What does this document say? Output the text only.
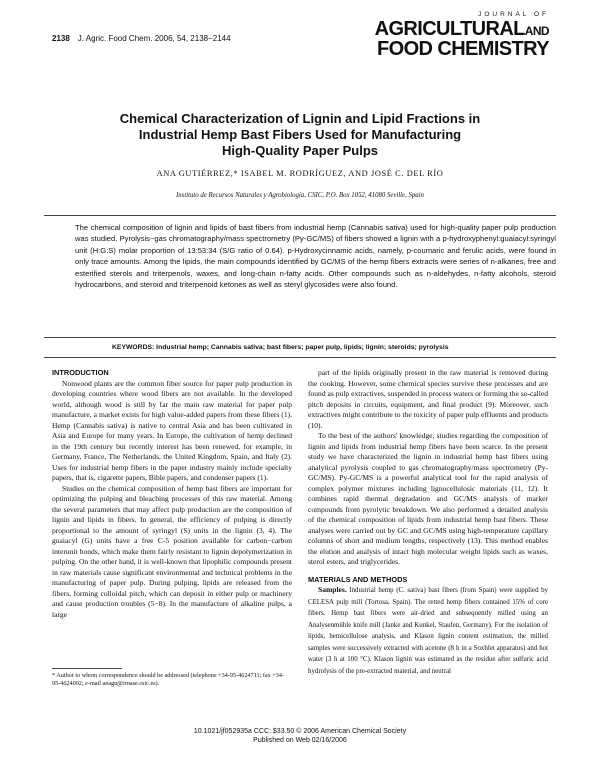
2138 J. Agric. Food Chem. 2006, 54, 2138−2144
JOURNAL OF
AGRICULTURALAND
FOOD CHEMISTRY
Chemical Characterization of Lignin and Lipid Fractions in
Industrial Hemp Bast Fibers Used for Manufacturing
High-Quality Paper Pulps
ANA GUTIÉRREZ,* ISABEL M. RODRÍGUEZ, AND JOSÉ C. DEL RÍO
Instituto de Recursos Naturales y Agrobiología, CSIC, P.O. Box 1052, 41080 Seville, Spain
The chemical composition of lignin and lipids of bast fibers from industrial hemp (Cannabis sativa) used for high-quality paper pulp production was studied. Pyrolysis−gas chromatography/mass spectrometry (Py-GC/MS) of fibers showed a lignin with a p-hydroxyphenyl:guaiacyl:syringyl unit (H:G:S) molar proportion of 13:53:34 (S/G ratio of 0.64). p-Hydroxycinnamic acids, namely, p-coumaric and ferulic acids, were found in only trace amounts. Among the lipids, the main compounds identified by GC/MS of the hemp fibers extracts were series of n-alkanes, free and esterified sterols and triterpenols, waxes, and long-chain n-fatty acids. Other compounds such as n-aldehydes, n-fatty alcohols, steroid hydrocarbons, and steroid and triterpenoid ketones as well as steryl glycosides were also found.
KEYWORDS: Industrial hemp; Cannabis sativa; bast fibers; paper pulp, lipids; lignin; steroids; pyrolysis

INTRODUCTION

Nonwood plants are the common fiber source for paper pulp production in developing countries where wood fibers are not available. In the developed world, although wood is still by far the main raw material for paper pulp manufacture, a market exists for high value-added papers from these fibers (1). Hemp (Cannabis sativa) is native to central Asia and has been cultivated in Asia and Europe for many years. In Europe, the cultivation of hemp declined in the 19th century but recently interest has been renewed, for example, in Germany, France, The Netherlands, the United Kingdom, Spain, and Italy (2). Uses for industrial hemp fibers in the paper industry mainly include specialty papers, that is, cigarette papers, Bible papers, and condenser papers (1).

Studies on the chemical composition of hemp bast fibers are important for optimizing the pulping and bleaching processes of this raw material. Among the several parameters that may affect pulp production are the composition of lignin and lipids in fibers. In general, the efficiency of pulping is directly proportional to the amount of syringyl (S) units in the lignin (3, 4). The guaiacyl (G) units have a free C-5 position available for carbon−carbon interunit bonds, which make them fairly resistant to lignin depolymerization in pulping. On the other hand, it is well-known that lipophilic compounds present in raw materials cause significant environmental and technical problems in the manufacturing of paper pulp. During pulping, lipids are released from the fibers, forming colloidal pitch, which can deposit in either pulp or machinery and cause production troubles (5−8). In the manufacture of alkaline pulps, a large

part of the lipids originally present in the raw material is removed during the cooking. However, some chemical species survive these processes and are found as pulp extractives, suspended in process waters or forming the so-called pitch deposits in circuits, equipment, and final product (9). Moreover, such extractives might contribute to the toxicity of paper pulp effluents and products (10).

To the best of the authors' knowledge, studies regarding the composition of lignin and lipids from industrial hemp fibers have been scarce. In the present study we have characterized the lignin in industrial hemp bast fibers using analytical pyrolysis coupled to gas chromatography/mass spectrometry (Py-GC/MS). Py-GC/MS is a powerful analytical tool for the rapid analysis of complex polymer mixtures including lignocellulosic materials (11, 12). It combines rapid thermal degradation and GC/MS analysis of marker compounds from pyrolytic breakdown. We also performed a detailed analysis of the chemical composition of lipids from industrial hemp bast fibers. These analyses were carried out by GC and GC/MS using high-temperature capillary columns of short and medium lengths, respectively (13). This method enables the elution and analysis of intact high molecular weight lipids such as waxes, sterol esters, and triglycerides.

MATERIALS AND METHODS

Samples. Industrial hemp (C. sativa) bast fibers (from Spain) were supplied by CELESA pulp mill (Tortosa, Spain). The retted hemp fibers contained 15% of core fibers. Hemp bast fibers were air-dried and subsequently milled using an Analysenmühle knife mill (Janke and Kunkel, Staufen, Germany). For the isolation of lipids, hemicellulose analysis, and Klason lignin content estimation, the milled samples were successively extracted with acetone (8 h in a Soxhlet apparatus) and hot water (3 h at 100 °C). Klason lignin was estimated as the residue after sulfuric acid hydrolysis of the pre-extracted material, and neutral

* Author to whom correspondence should be addressed (telephone +34-95-4624711; fax +34-95-4624002; e-mail anagu@irnase.csic.es).
10.1021/jf052935a CCC: $33.50 © 2006 American Chemical Society
Published on Web 02/16/2006
